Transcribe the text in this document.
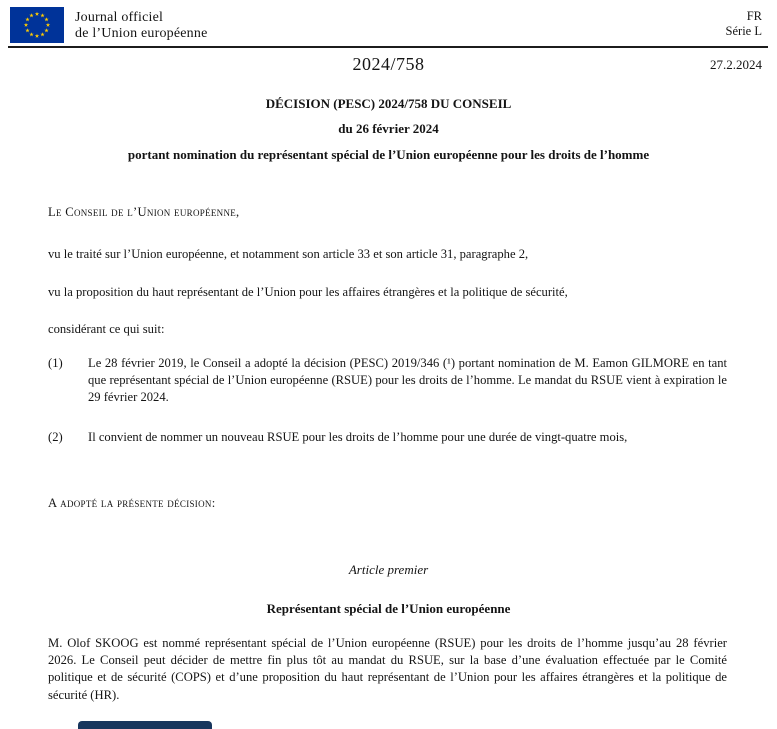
Journal officiel
de l’Union européenne
FR
Série L
2024/758	27.2.2024
DÉCISION (PESC) 2024/758 DU CONSEIL
du 26 février 2024
portant nomination du représentant spécial de l’Union européenne pour les droits de l’homme
Le Conseil de l’Union européenne,
vu le traité sur l’Union européenne, et notamment son article 33 et son article 31, paragraphe 2,
vu la proposition du haut représentant de l’Union pour les affaires étrangères et la politique de sécurité,
considérant ce qui suit:
(1) Le 28 février 2019, le Conseil a adopté la décision (PESC) 2019/346 (¹) portant nomination de M. Eamon GILMORE en tant que représentant spécial de l’Union européenne (RSUE) pour les droits de l’homme. Le mandat du RSUE vient à expiration le 29 février 2024.
(2) Il convient de nommer un nouveau RSUE pour les droits de l’homme pour une durée de vingt-quatre mois,
A adopté la présente décision:
Article premier
Représentant spécial de l’Union européenne
M. Olof SKOOG est nommé représentant spécial de l’Union européenne (RSUE) pour les droits de l’homme jusqu’au 28 février 2026. Le Conseil peut décider de mettre fin plus tôt au mandat du RSUE, sur la base d’une évaluation effectuée par le Comité politique et de sécurité (COPS) et d’une proposition du haut représentant de l’Union pour les affaires étrangères et la politique de sécurité (HR).
